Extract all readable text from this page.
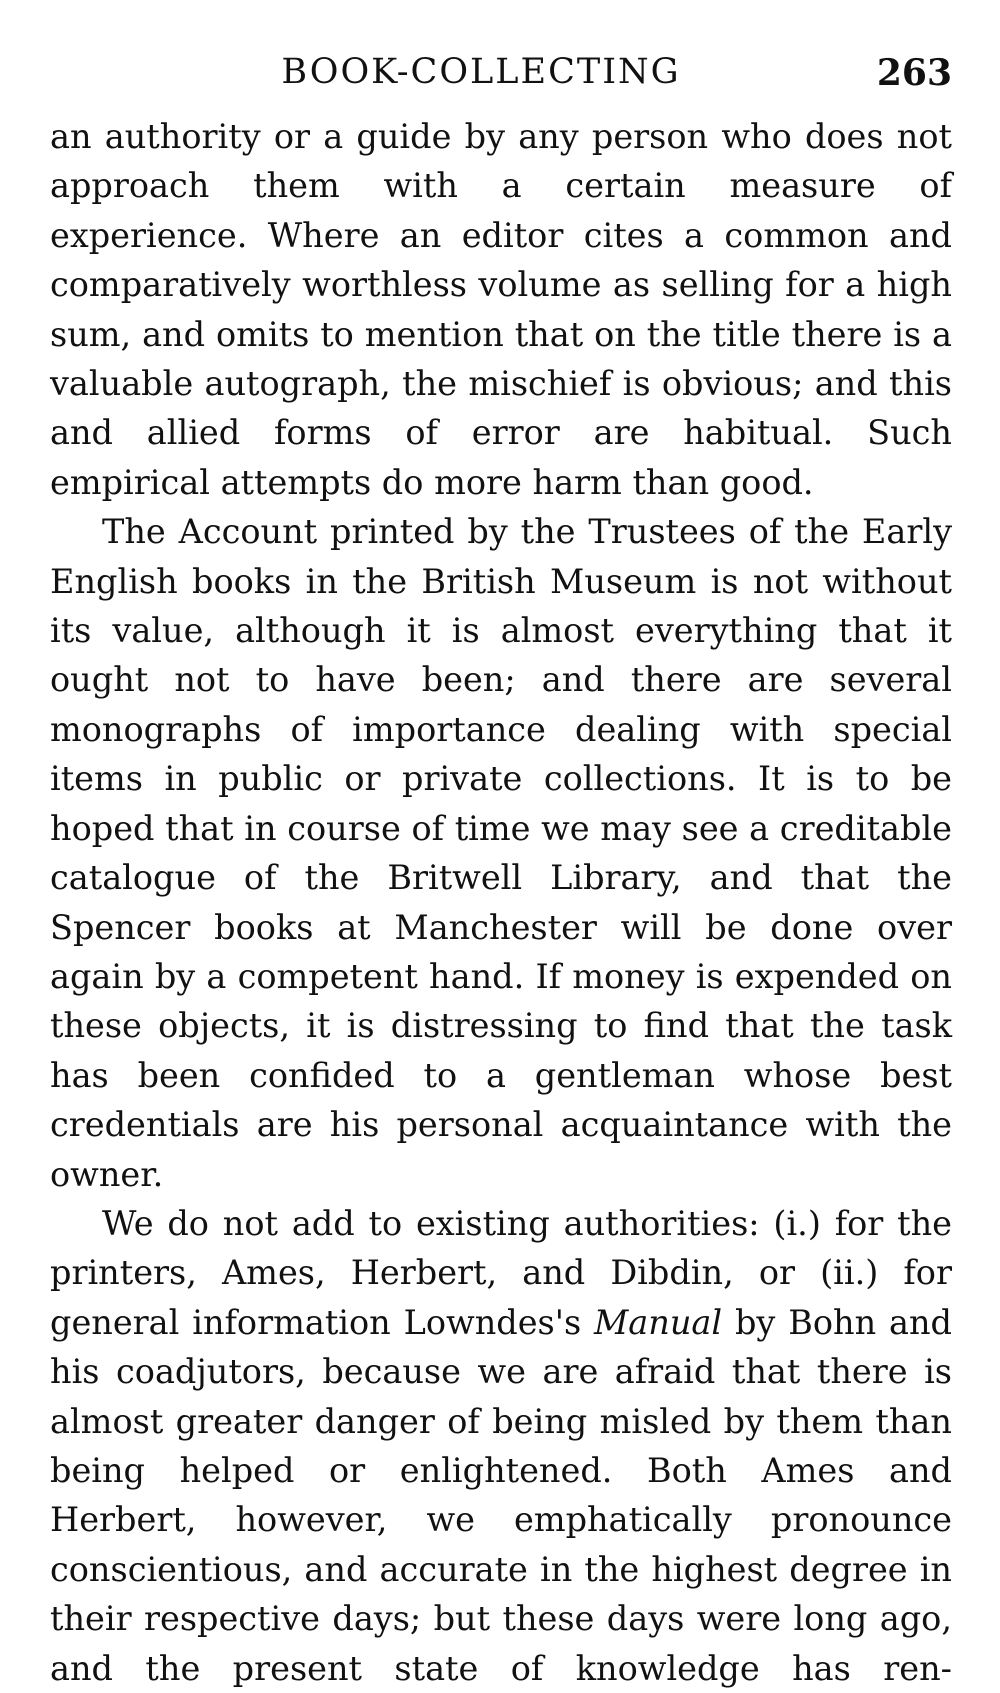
BOOK-COLLECTING	263

an authority or a guide by any person who does not approach them with a certain measure of experience. Where an editor cites a common and comparatively worthless volume as selling for a high sum, and omits to mention that on the title there is a valuable autograph, the mischief is obvious; and this and allied forms of error are habitual. Such empirical attempts do more harm than good.

The Account printed by the Trustees of the Early English books in the British Museum is not without its value, although it is almost everything that it ought not to have been; and there are several monographs of importance dealing with special items in public or private collections. It is to be hoped that in course of time we may see a creditable catalogue of the Britwell Library, and that the Spencer books at Manchester will be done over again by a competent hand. If money is expended on these objects, it is distressing to find that the task has been confided to a gentleman whose best credentials are his personal acquaintance with the owner.

We do not add to existing authorities: (i.) for the printers, Ames, Herbert, and Dibdin, or (ii.) for general information Lowndes's Manual by Bohn and his coadjutors, because we are afraid that there is almost greater danger of being misled by them than being helped or enlightened. Both Ames and Herbert, however, we emphatically pronounce conscientious, and accurate in the highest degree in their respective days; but these days were long ago, and the present state of knowledge has ren-
